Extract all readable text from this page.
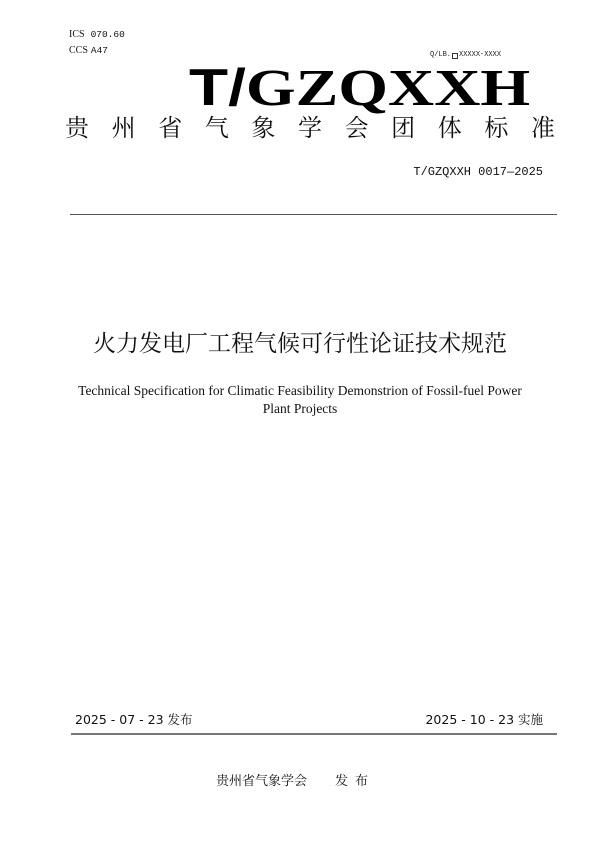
ICS 070.60
CCS A47	Q/LB. XXXXX-XXXX
T/GZQXXH
贵 州 省 气 象 学 会 团 体 标 准
T/GZQXXH 0017—2025
火力发电厂工程气候可行性论证技术规范
Technical Specification for Climatic Feasibility Demonstrion of Fossil-fuel Power
Plant Projects
2025 - 07 - 23 发布	2025 - 10 - 23 实施
贵州省气象学会 发布
